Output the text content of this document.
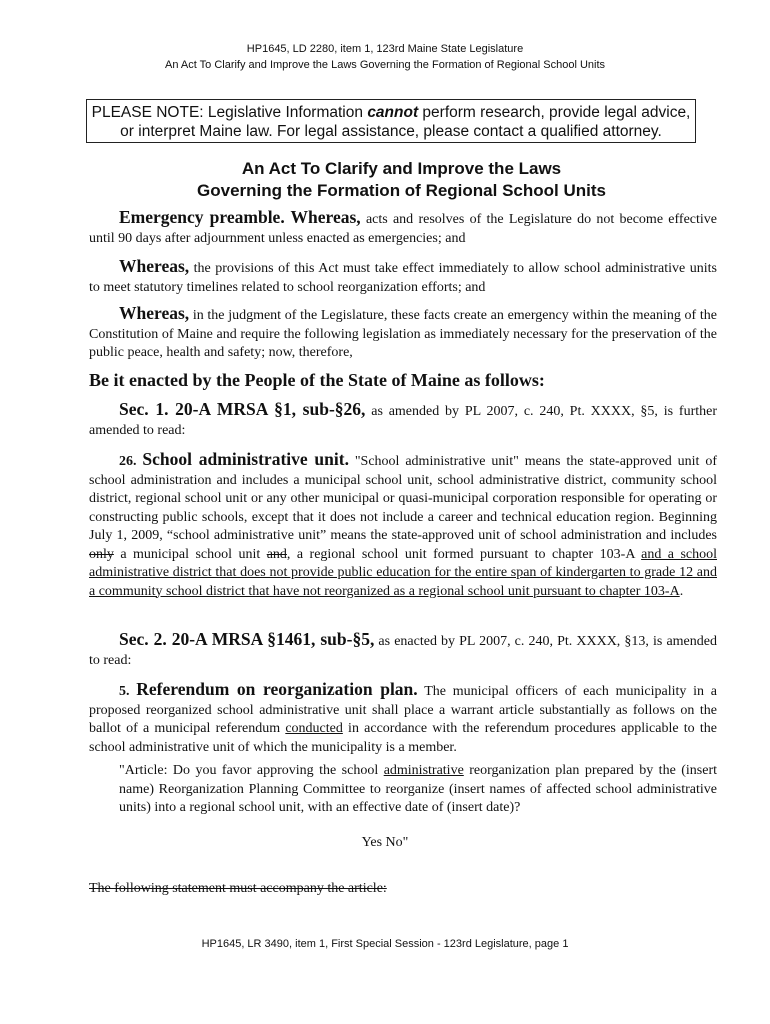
HP1645, LD 2280, item 1, 123rd Maine State Legislature
An Act To Clarify and Improve the Laws Governing the Formation of Regional School Units
PLEASE NOTE: Legislative Information cannot perform research, provide legal advice, or interpret Maine law. For legal assistance, please contact a qualified attorney.
An Act To Clarify and Improve the Laws
Governing the Formation of Regional School Units

Emergency preamble. Whereas, acts and resolves of the Legislature do not become effective until 90 days after adjournment unless enacted as emergencies; and

Whereas, the provisions of this Act must take effect immediately to allow school administrative units to meet statutory timelines related to school reorganization efforts; and

Whereas, in the judgment of the Legislature, these facts create an emergency within the meaning of the Constitution of Maine and require the following legislation as immediately necessary for the preservation of the public peace, health and safety; now, therefore,

Be it enacted by the People of the State of Maine as follows:

Sec. 1. 20-A MRSA §1, sub-§26, as amended by PL 2007, c. 240, Pt. XXXX, §5, is further amended to read:

26. School administrative unit. "School administrative unit" means the state-approved unit of school administration and includes a municipal school unit, school administrative district, community school district, regional school unit or any other municipal or quasi-municipal corporation responsible for operating or constructing public schools, except that it does not include a career and technical education region. Beginning July 1, 2009, “school administrative unit” means the state-approved unit of school administration and includes only a municipal school unit and, a regional school unit formed pursuant to chapter 103-A and a school administrative district that does not provide public education for the entire span of kindergarten to grade 12 and a community school district that have not reorganized as a regional school unit pursuant to chapter 103-A.

Sec. 2. 20-A MRSA §1461, sub-§5, as enacted by PL 2007, c. 240, Pt. XXXX, §13, is amended to read:

5. Referendum on reorganization plan. The municipal officers of each municipality in a proposed reorganized school administrative unit shall place a warrant article substantially as follows on the ballot of a municipal referendum conducted in accordance with the referendum procedures applicable to the school administrative unit of which the municipality is a member.

"Article: Do you favor approving the school administrative reorganization plan prepared by the (insert name) Reorganization Planning Committee to reorganize (insert names of affected school administrative units) into a regional school unit, with an effective date of (insert date)?

Yes No"
The following statement must accompany the article:
HP1645, LR 3490, item 1, First Special Session - 123rd Legislature, page 1
